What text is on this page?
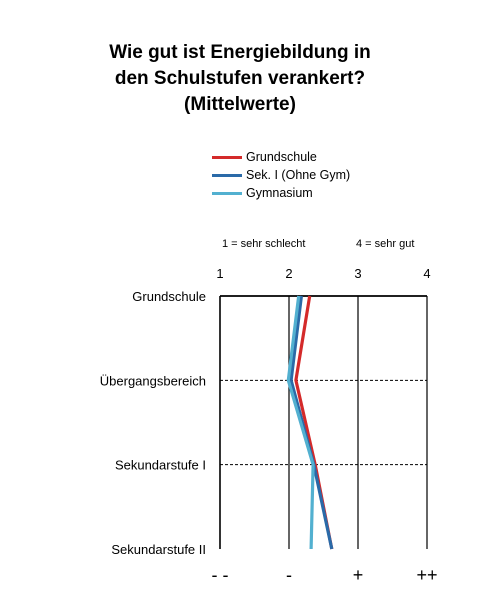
Wie gut ist Energiebildung in
den Schulstufen verankert?
(Mittelwerte)
Grundschule
Sek. I (Ohne Gym)
Gymnasium
1 = sehr schlecht	4 = sehr gut
1	2	3	4
- -	-	+	++
Grundschule
Übergangsbereich
Sekundarstufe I
Sekundarstufe II
